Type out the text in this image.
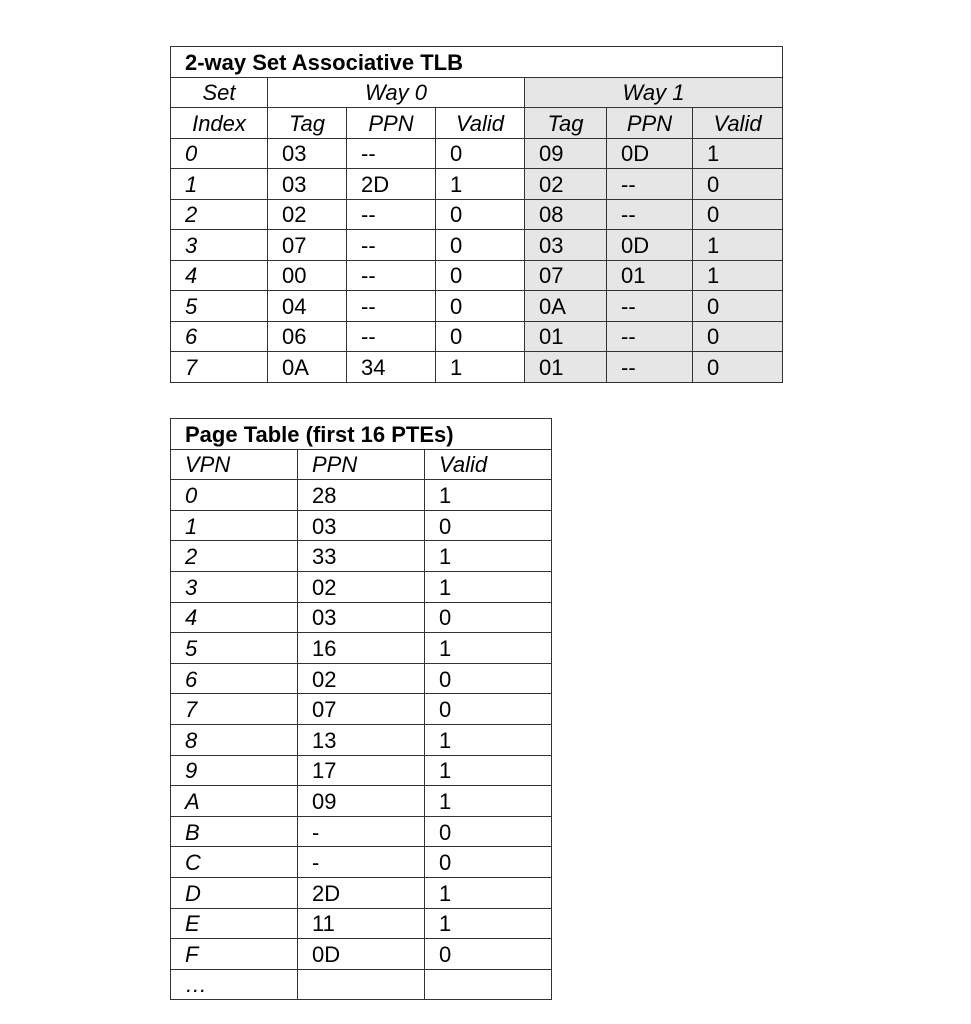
2-way Set Associative TLB						
Set	Way 0			Way 1		
Index	Tag	PPN	Valid	Tag	PPN	Valid
0	03	--	0	09	0D	1
1	03	2D	1	02	--	0
2	02	--	0	08	--	0
3	07	--	0	03	0D	1
4	00	--	0	07	01	1
5	04	--	0	0A	--	0
6	06	--	0	01	--	0
7	0A	34	1	01	--	0
Page Table (first 16 PTEs)		
VPN	PPN	Valid
0	28	1
1	03	0
2	33	1
3	02	1
4	03	0
5	16	1
6	02	0
7	07	0
8	13	1
9	17	1
A	09	1
B	-	0
C	-	0
D	2D	1
E	11	1
F	0D	0
…		
